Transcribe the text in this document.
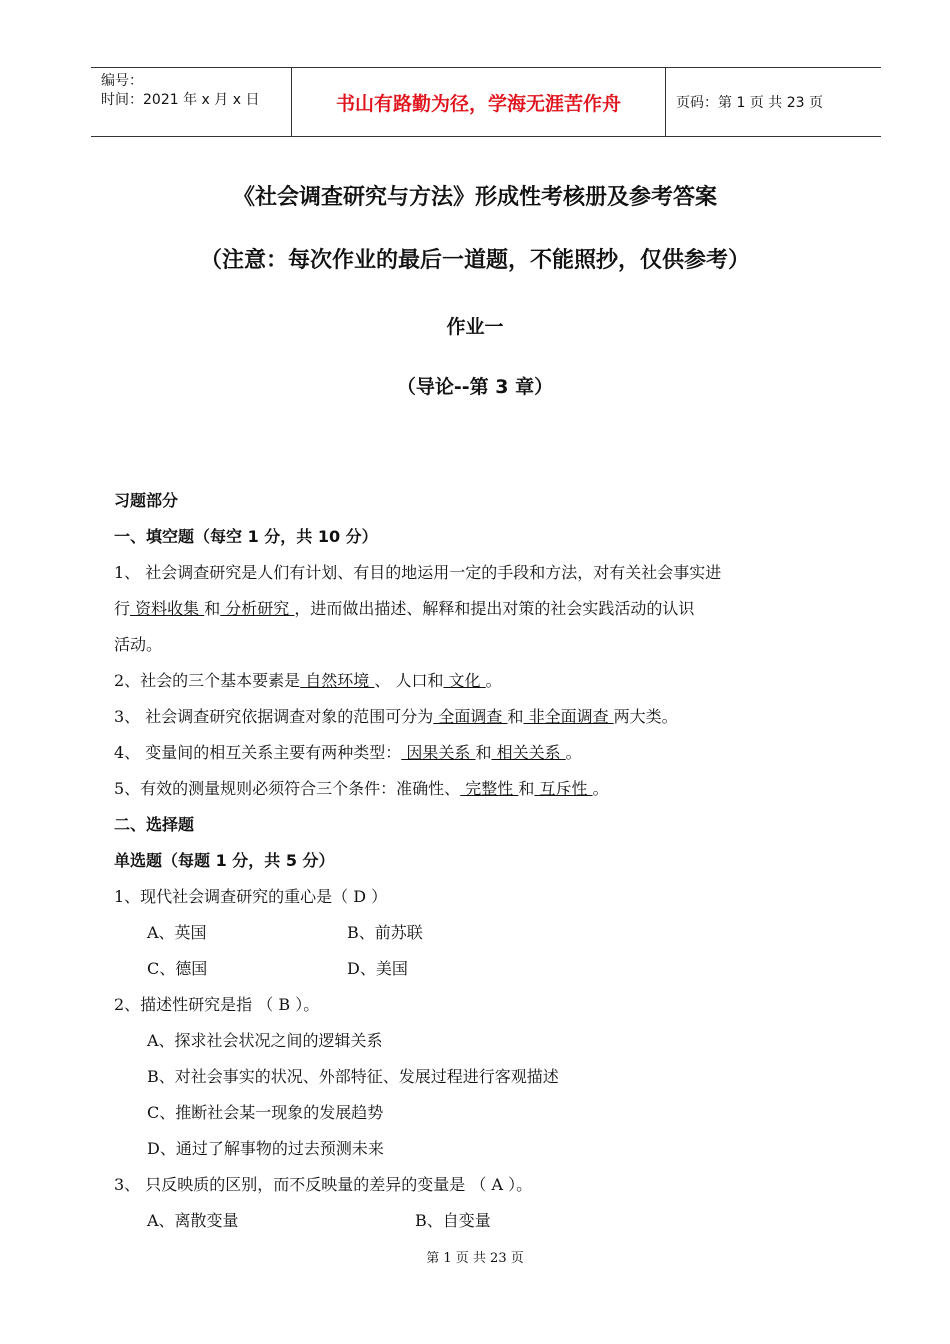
编号：
时间：2021 年 x 月 x 日	书山有路勤为径，学海无涯苦作舟	页码：第 1 页 共 23 页
《社会调查研究与方法》形成性考核册及参考答案
（注意：每次作业的最后一道题，不能照抄，仅供参考）
作业一
（导论--第 3 章）
习题部分
一、填空题（每空 1 分，共 10 分）
1、 社会调查研究是人们有计划、有目的地运用一定的手段和方法，对有关社会事实进
行 资料收集 和 分析研究 ，进而做出描述、解释和提出对策的社会实践活动的认识
活动。
2、社会的三个基本要素是 自然环境 、 人口和 文化 。
3、 社会调查研究依据调查对象的范围可分为 全面调查 和 非全面调查 两大类。
4、 变量间的相互关系主要有两种类型： 因果关系 和 相关关系 。
5、有效的测量规则必须符合三个条件：准确性、 完整性 和 互斥性 。
二、选择题
单选题（每题 1 分，共 5 分）
1、现代社会调查研究的重心是（ D ）
A、英国	B、前苏联
C、德国	D、美国
2、描述性研究是指 （ B ）。
A、探求社会状况之间的逻辑关系
B、对社会事实的状况、外部特征、发展过程进行客观描述
C、推断社会某一现象的发展趋势
D、通过了解事物的过去预测未来
3、 只反映质的区别，而不反映量的差异的变量是 （ A ）。
A、离散变量	B、自变量
第 1 页 共 23 页
